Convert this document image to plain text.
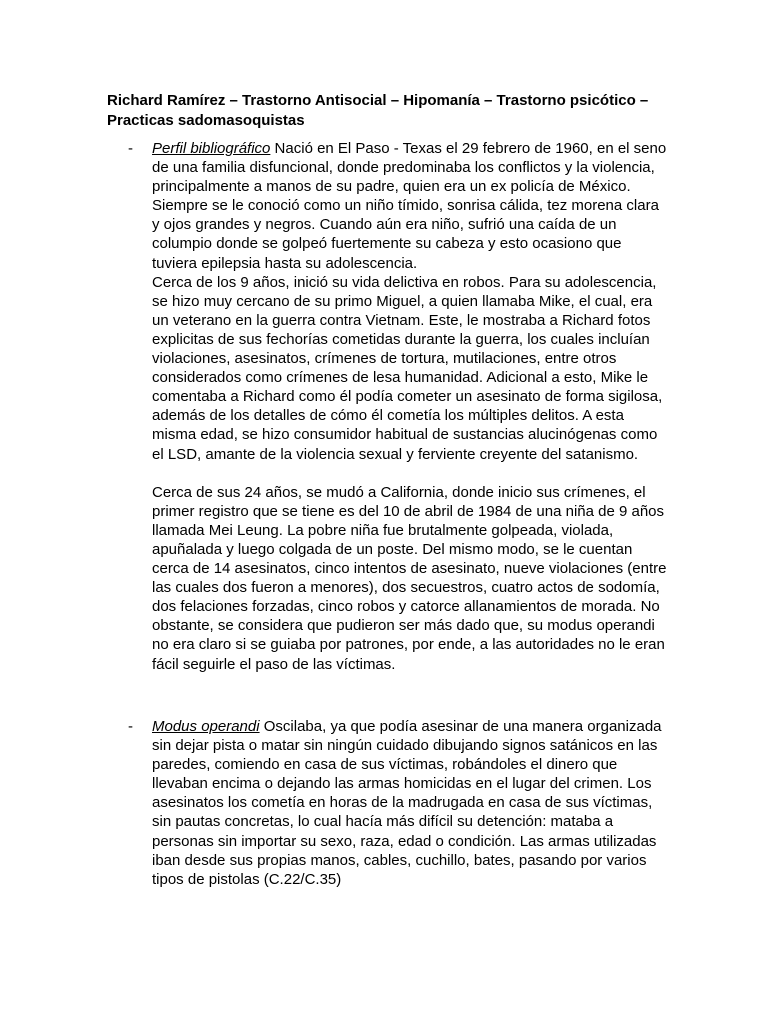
Richard Ramírez – Trastorno Antisocial – Hipomanía – Trastorno psicótico – Practicas sadomasoquistas
- Perfil bibliográfico Nació en El Paso - Texas el 29 febrero de 1960, en el seno de una familia disfuncional, donde predominaba los conflictos y la violencia, principalmente a manos de su padre, quien era un ex policía de México. Siempre se le conoció como un niño tímido, sonrisa cálida, tez morena clara y ojos grandes y negros. Cuando aún era niño, sufrió una caída de un columpio donde se golpeó fuertemente su cabeza y esto ocasiono que tuviera epilepsia hasta su adolescencia.

Cerca de los 9 años, inició su vida delictiva en robos. Para su adolescencia, se hizo muy cercano de su primo Miguel, a quien llamaba Mike, el cual, era un veterano en la guerra contra Vietnam. Este, le mostraba a Richard fotos explicitas de sus fechorías cometidas durante la guerra, los cuales incluían violaciones, asesinatos, crímenes de tortura, mutilaciones, entre otros considerados como crímenes de lesa humanidad. Adicional a esto, Mike le comentaba a Richard como él podía cometer un asesinato de forma sigilosa, además de los detalles de cómo él cometía los múltiples delitos. A esta misma edad, se hizo consumidor habitual de sustancias alucinógenas como el LSD, amante de la violencia sexual y ferviente creyente del satanismo.

Cerca de sus 24 años, se mudó a California, donde inicio sus crímenes, el primer registro que se tiene es del 10 de abril de 1984 de una niña de 9 años llamada Mei Leung. La pobre niña fue brutalmente golpeada, violada, apuñalada y luego colgada de un poste. Del mismo modo, se le cuentan cerca de 14 asesinatos, cinco intentos de asesinato, nueve violaciones (entre las cuales dos fueron a menores), dos secuestros, cuatro actos de sodomía, dos felaciones forzadas, cinco robos y catorce allanamientos de morada. No obstante, se considera que pudieron ser más dado que, su modus operandi no era claro si se guiaba por patrones, por ende, a las autoridades no le eran fácil seguirle el paso de las víctimas.

- Modus operandi Oscilaba, ya que podía asesinar de una manera organizada sin dejar pista o matar sin ningún cuidado dibujando signos satánicos en las paredes, comiendo en casa de sus víctimas, robándoles el dinero que llevaban encima o dejando las armas homicidas en el lugar del crimen. Los asesinatos los cometía en horas de la madrugada en casa de sus víctimas, sin pautas concretas, lo cual hacía más difícil su detención: mataba a personas sin importar su sexo, raza, edad o condición. Las armas utilizadas iban desde sus propias manos, cables, cuchillo, bates, pasando por varios tipos de pistolas (C.22/C.35)
